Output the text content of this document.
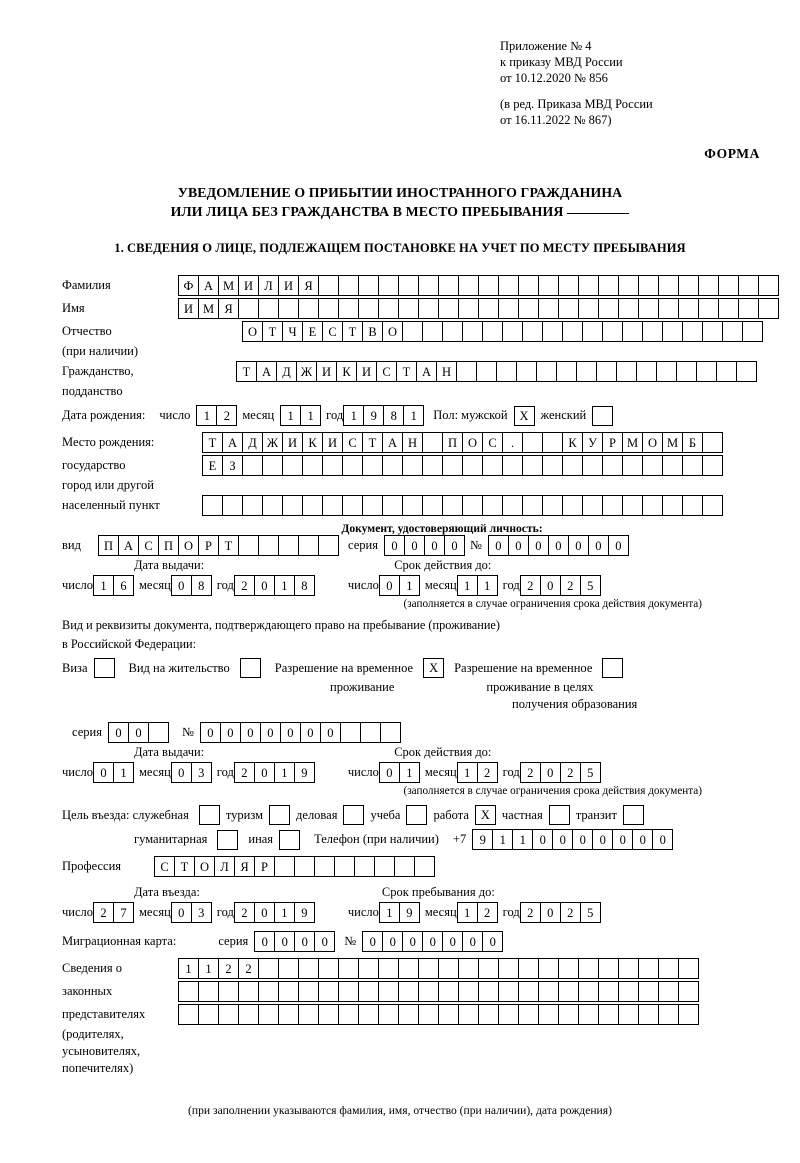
Приложение № 4
к приказу МВД России
от 10.12.2020 № 856
(в ред. Приказа МВД России
от 16.11.2022 № 867)
ФОРМА
УВЕДОМЛЕНИЕ О ПРИБЫТИИ ИНОСТРАННОГО ГРАЖДАНИНА
ИЛИ ЛИЦА БЕЗ ГРАЖДАНСТВА В МЕСТО ПРЕБЫВАНИЯ
1. СВЕДЕНИЯ О ЛИЦЕ, ПОДЛЕЖАЩЕМ ПОСТАНОВКЕ НА УЧЕТ ПО МЕСТУ ПРЕБЫВАНИЯ
Фамилия	Ф А М И Л И Я
Имя	И М Я
Отчество	О Т Ч Е С Т В О
(при наличии)
Гражданство,	Т А Д Ж И К И С Т А Н
подданство
Дата рождения: число	1	2 месяц	1	1 год 1	9	8	1	Пол: мужской X женский
Место рождения:	Т А Д Ж И К И С Т А Н	П О С	.	К У Р М О М Б
государство	Е	З
город или другой
населенный пункт
Документ, удостоверяющий личность:
вид	П А С П О Р	Т	серия	0	0	0	0 №	0	0	0	0	0	0	0
Дата выдачи:	Срок действия до:
число 1	6 месяц 0	8 год 2	0	1	8	число 0	1 месяц 1	1 год 2	0	2	5
(заполняется в случае ограничения срока действия документа)
Вид и реквизиты документа, подтверждающего право на пребывание (проживание)
в Российской Федерации:
Виза	Вид на жительство	Разрешение на временное	X	Разрешение на временное
проживание	проживание в целях
получения образования
серия	0	0	№	0	0	0	0	0	0	0
Дата выдачи:	Срок действия до:
число 0	1 месяц 0	3 год 2	0	1	9	число 0	1 месяц 1	2 год 2	0	2	5
(заполняется в случае ограничения срока действия документа)
Цель въезда: служебная	туризм	деловая	учеба	работа X частная	транзит
гуманитарная	иная	Телефон (при наличии) +7	9	1	1	0	0	0	0	0	0	0
Профессия	С Т О Л Я Р
Дата въезда:	Срок пребывания до:
число 2	7 месяц 0	3 год 2	0	1	9	число 1	9 месяц 1	2 год 2	0	2	5
Миграционная карта:	серия	0	0	0	0	№	0	0	0	0	0	0	0
Сведения о	1	1	2	2
законных
представителях
(родителях,
усыновителях,
попечителях)
(при заполнении указываются фамилия, имя, отчество (при наличии), дата рождения)
